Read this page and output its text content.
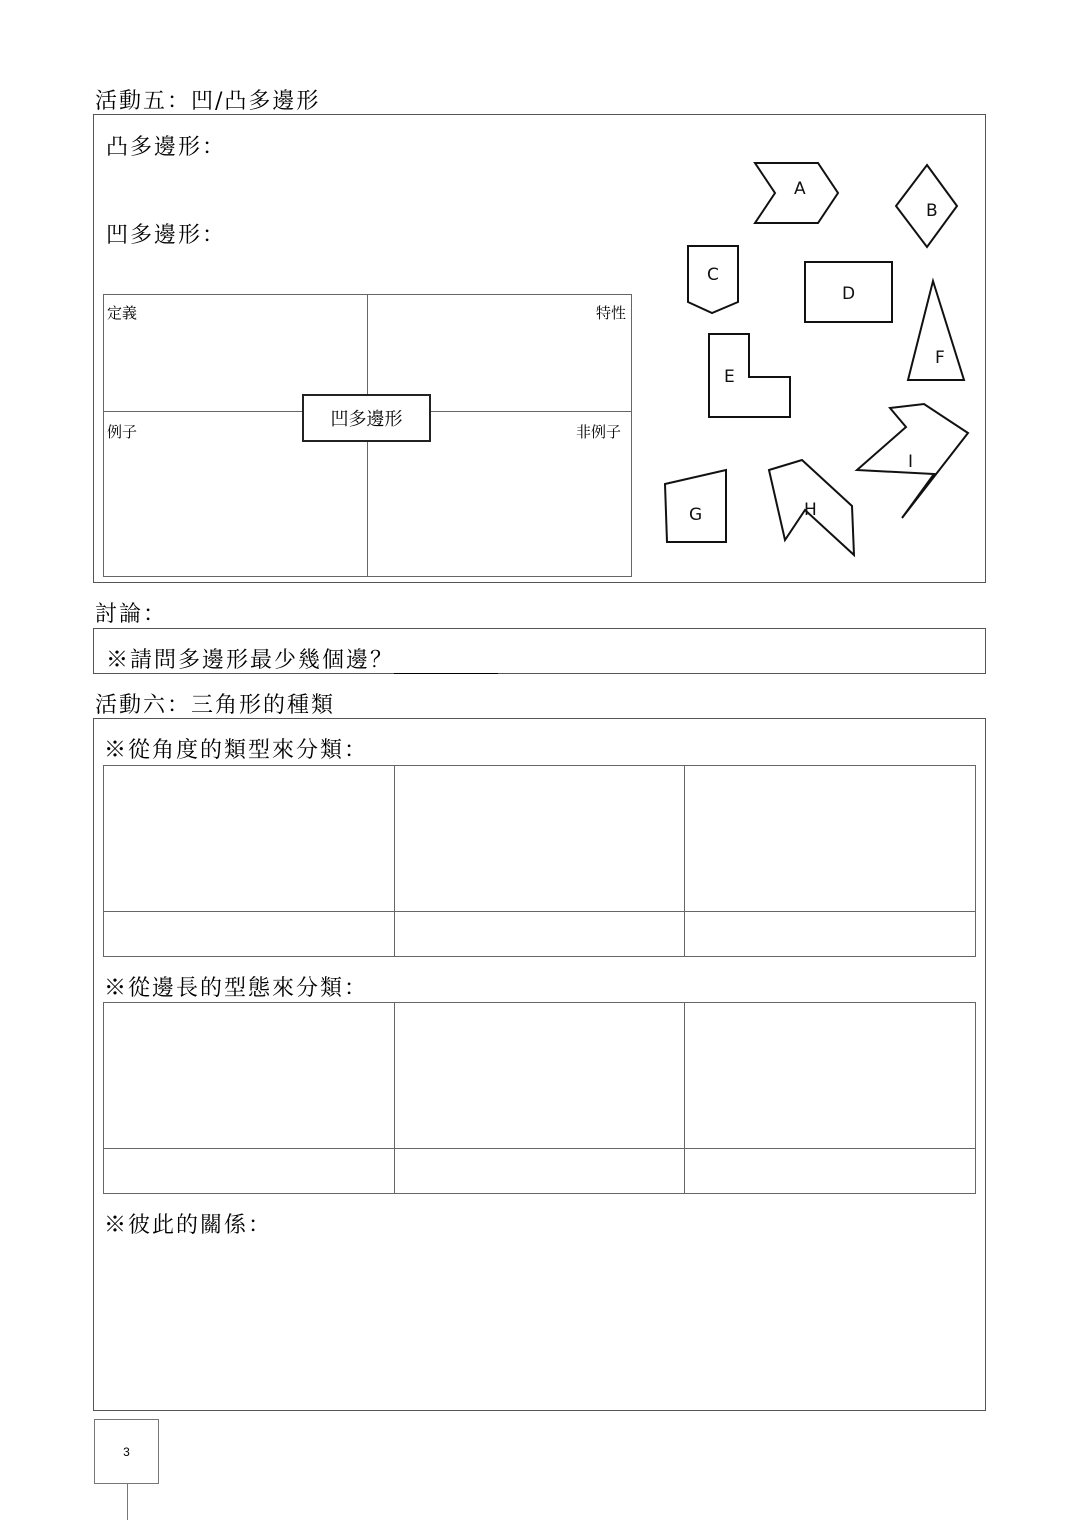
活動五：凹/凸多邊形
凸多邊形：
凹多邊形：
定義	特性
例子	非例子
凹多邊形
A
B
C
D
E
F
G	H
I
討論：
※請問多邊形最少幾個邊？
活動六：三角形的種類
※從角度的類型來分類：
※從邊長的型態來分類：
※彼此的關係：
3
